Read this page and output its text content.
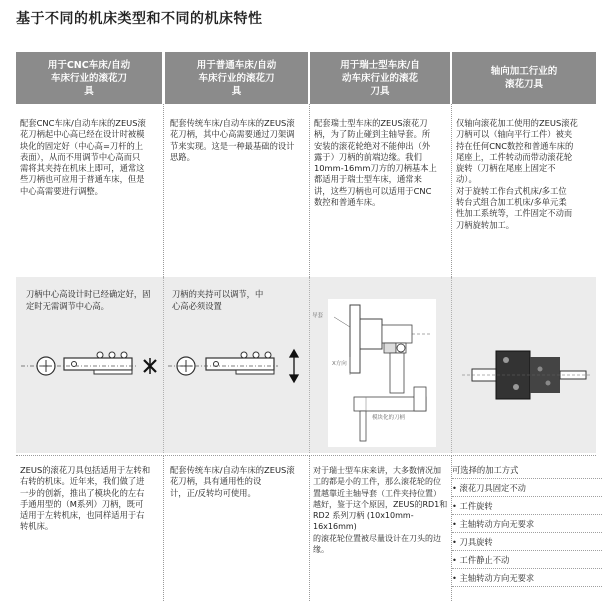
基于不同的机床类型和不同的机床特性
用于CNC车床/自动
车床行业的滚花刀
具
用于普通车床/自动
车床行业的滚花刀
具
用于瑞士型车床/自
动车床行业的滚花
刀具
轴向加工行业的
滚花刀具
配套CNC车床/自动车床的ZEUS滚
花刀柄起中心高已经在设计时被模
块化的固定好（中心高=刀杆的上
表面），从而不用调节中心高而只
需将其夹持在机床上即可，通常这
些刀柄也可应用于普通车床，但是
中心高需要进行调整。
配套传统车床/自动车床的ZEUS滚
花刀柄，其中心高需要通过刀架调
节来实现。这是一种最基础的设计
思路。
配套瑞士型车床的ZEUS滚花刀
柄，为了防止碰到主轴导套。所
安装的滚花轮绝对不能伸出（外
露于）刀柄的前端边缘。我们
10mm-16mm刀方的刀柄基本上
都适用于瑞士型车床，通常来
讲，这些刀柄也可以适用于CNC
数控和普通车床。
仅轴向滚花加工使用的ZEUS滚花
刀柄可以（轴向平行工件）被夹
持在任何CNC数控和普通车床的
尾座上，工件转动而带动滚花轮
旋转（刀柄在尾座上固定不
动）。
对于旋转工作台式机床/多工位
转台式组合加工机床/多单元柔
性加工系统等，工件固定不动而
刀柄旋转加工。
刀柄中心高设计时已经确定好，固
定时无需调节中心高。
刀柄的夹持可以调节，中
心高必须设置
导套
X方向
模块化的刀柄
ZEUS的滚花刀具包括适用于左转和
右转的机床。近年来，我们做了进
一步的创新，推出了模块化的左右
手通用型的（M系列）刀柄，既可
适用于左转机床，也同样适用于右
转机床。
配套传统车床/自动车床的ZEUS滚
花刀柄，具有通用性的设
计，正/反转均可使用。
对于瑞士型车床来讲，大多数情况加
工的都是小的工件，那么滚花轮的位
置越靠近主轴导套（工件夹持位置）
越好，鉴于这个原因，ZEUS的RD1和
RD2 系列刀柄 (10x10mm-16x16mm)
的滚花轮位置被尽量设计在刀头的边
缘。
可选择的加工方式
• 滚花刀具固定不动
• 工件旋转
• 主轴转动方向无要求
• 刀具旋转
• 工件静止不动
• 主轴转动方向无要求
